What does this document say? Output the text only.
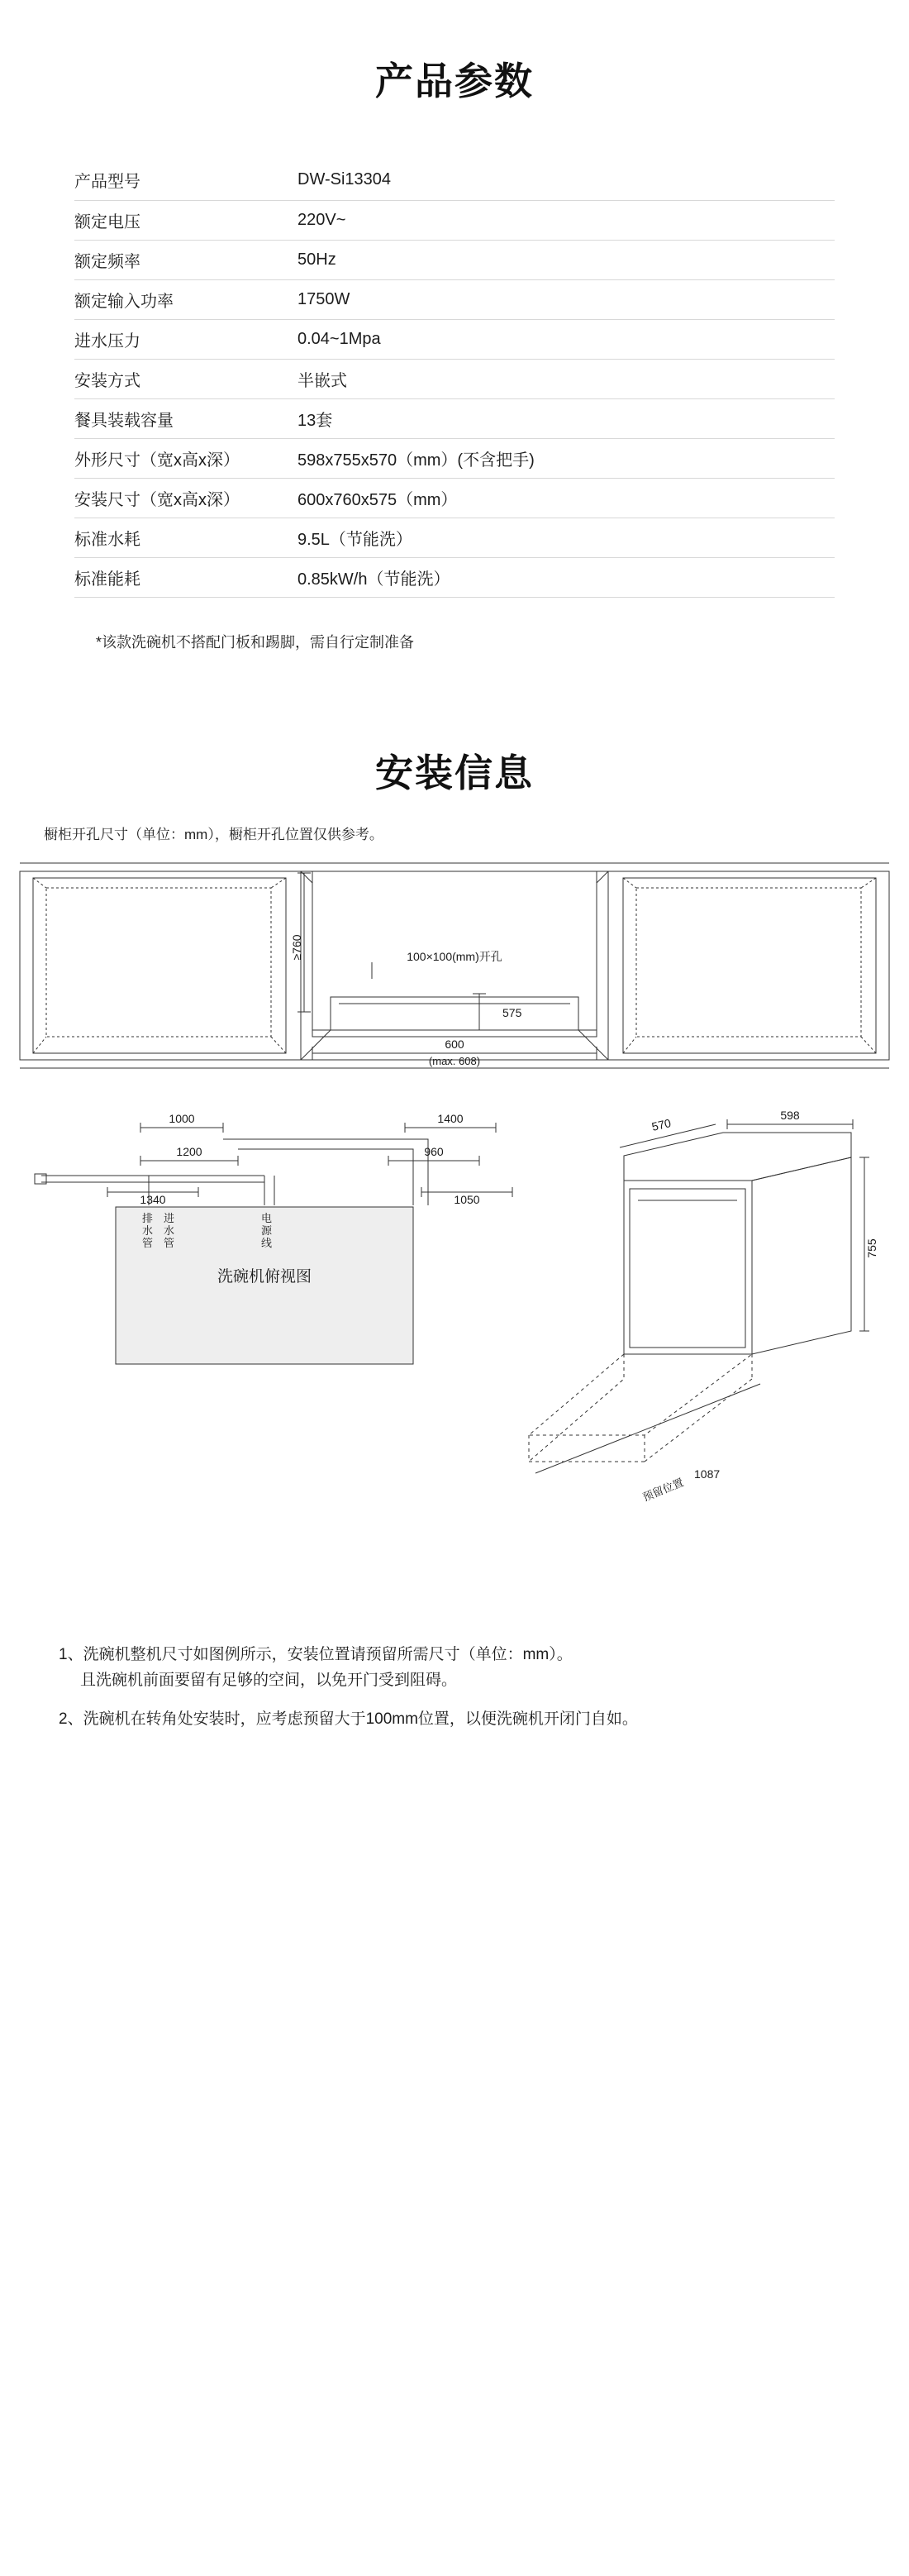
产品参数
产品型号	DW-Si13304
额定电压	220V~
额定频率	50Hz
额定输入功率	1750W
进水压力	0.04~1Mpa
安装方式	半嵌式
餐具装载容量	13套
外形尺寸（宽x高x深）	598x755x570（mm）(不含把手)
安装尺寸（宽x高x深）	600x760x575（mm）
标准水耗	9.5L（节能洗）
标准能耗	0.85kW/h（节能洗）
*该款洗碗机不搭配门板和踢脚，需自行定制准备
安装信息
橱柜开孔尺寸（单位：mm），橱柜开孔位置仅供参考。
≥760	100×100(mm)开孔
575
600
(max. 608)
1000
1200
1400
960
1340	1050
排水管
进水管
电源线
洗碗机俯视图
570
598
755
1087
预留位置

1、洗碗机整机尺寸如图例所示，安装位置请预留所需尺寸（单位：mm）。
且洗碗机前面要留有足够的空间，以免开门受到阻碍。

2、洗碗机在转角处安装时，应考虑预留大于100mm位置，以便洗碗机开闭门自如。
